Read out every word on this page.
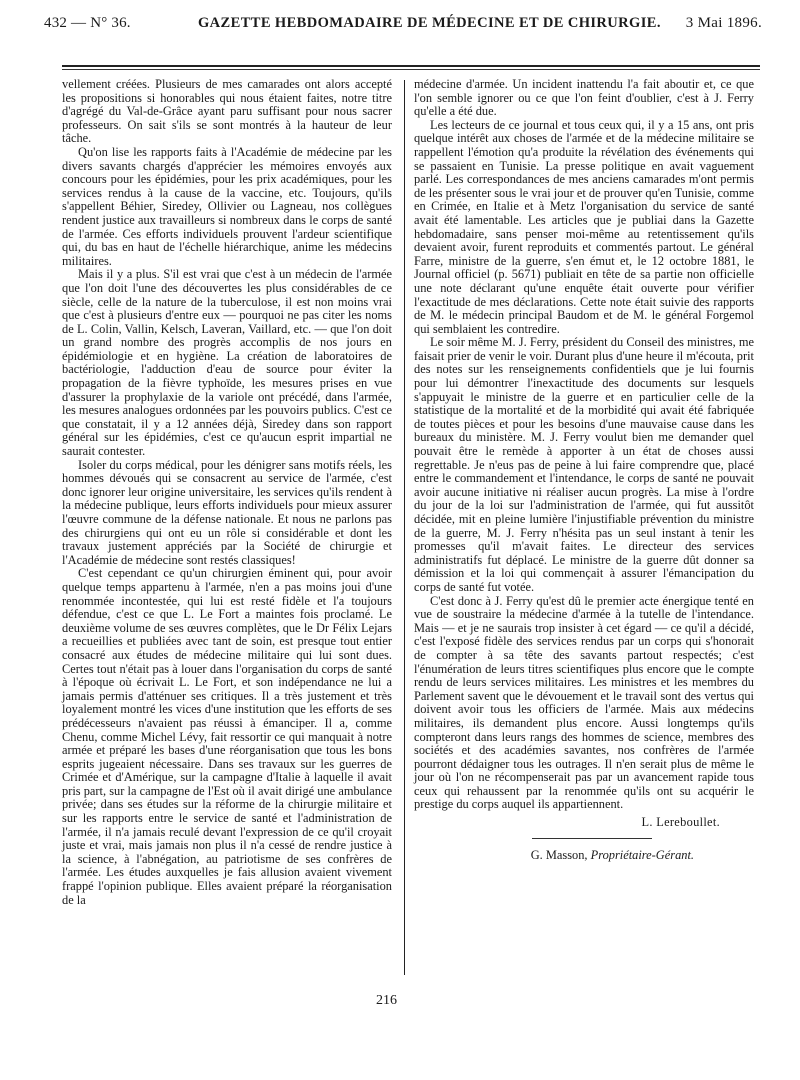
432 — N° 36.	GAZETTE HEBDOMADAIRE DE MÉDECINE ET DE CHIRURGIE. 3 Mai 1896.

vellement créées. Plusieurs de mes camarades ont alors accepté les propositions si honorables qui nous étaient faites, notre titre d'agrégé du Val-de-Grâce ayant paru suffisant pour nous sacrer professeurs. On sait s'ils se sont montrés à la hauteur de leur tâche.

Qu'on lise les rapports faits à l'Académie de médecine par les divers savants chargés d'apprécier les mémoires envoyés aux concours pour les épidémies, pour les prix académiques, pour les services rendus à la cause de la vaccine, etc. Toujours, qu'ils s'appellent Béhier, Siredey, Ollivier ou Lagneau, nos collègues rendent justice aux travailleurs si nombreux dans le corps de santé de l'armée. Ces efforts individuels prouvent l'ardeur scientifique qui, du bas en haut de l'échelle hiérarchique, anime les médecins militaires.

Mais il y a plus. S'il est vrai que c'est à un médecin de l'armée que l'on doit l'une des découvertes les plus considérables de ce siècle, celle de la nature de la tuberculose, il est non moins vrai que c'est à plusieurs d'entre eux — pourquoi ne pas citer les noms de L. Colin, Vallin, Kelsch, Laveran, Vaillard, etc. — que l'on doit un grand nombre des progrès accomplis de nos jours en épidémiologie et en hygiène. La création de laboratoires de bactériologie, l'adduction d'eau de source pour éviter la propagation de la fièvre typhoïde, les mesures prises en vue d'assurer la prophylaxie de la variole ont précédé, dans l'armée, les mesures analogues ordonnées par les pouvoirs publics. C'est ce que constatait, il y a 12 années déjà, Siredey dans son rapport général sur les épidémies, c'est ce qu'aucun esprit impartial ne saurait contester.

Isoler du corps médical, pour les dénigrer sans motifs réels, les hommes dévoués qui se consacrent au service de l'armée, c'est donc ignorer leur origine universitaire, les services qu'ils rendent à la médecine publique, leurs efforts individuels pour mieux assurer l'œuvre commune de la défense nationale. Et nous ne parlons pas des chirurgiens qui ont eu un rôle si considérable et dont les travaux justement appréciés par la Société de chirurgie et l'Académie de médecine sont restés classiques!

C'est cependant ce qu'un chirurgien éminent qui, pour avoir quelque temps appartenu à l'armée, n'en a pas moins joui d'une renommée incontestée, qui lui est resté fidèle et l'a toujours défendue, c'est ce que L. Le Fort a maintes fois proclamé. Le deuxième volume de ses œuvres complètes, que le Dr Félix Lejars a recueillies et publiées avec tant de soin, est presque tout entier consacré aux études de médecine militaire qui lui sont dues. Certes tout n'était pas à louer dans l'organisation du corps de santé à l'époque où écrivait L. Le Fort, et son indépendance ne lui a jamais permis d'atténuer ses critiques. Il a très justement et très loyalement montré les vices d'une institution que les efforts de ses prédécesseurs n'avaient pas réussi à émanciper. Il a, comme Chenu, comme Michel Lévy, fait ressortir ce qui manquait à notre armée et préparé les bases d'une réorganisation que tous les bons esprits jugeaient nécessaire. Dans ses travaux sur les guerres de Crimée et d'Amérique, sur la campagne d'Italie à laquelle il avait pris part, sur la campagne de l'Est où il avait dirigé une ambulance privée; dans ses études sur la réforme de la chirurgie militaire et sur les rapports entre le service de santé et l'administration de l'armée, il n'a jamais reculé devant l'expression de ce qu'il croyait juste et vrai, mais jamais non plus il n'a cessé de rendre justice à la science, à l'abnégation, au patriotisme de ses confrères de l'armée. Les études auxquelles je fais allusion avaient vivement frappé l'opinion publique. Elles avaient préparé la réorganisation de la

médecine d'armée. Un incident inattendu l'a fait aboutir et, ce que l'on semble ignorer ou ce que l'on feint d'oublier, c'est à J. Ferry qu'elle a été due.

Les lecteurs de ce journal et tous ceux qui, il y a 15 ans, ont pris quelque intérêt aux choses de l'armée et de la médecine militaire se rappellent l'émotion qu'a produite la révélation des événements qui se passaient en Tunisie. La presse politique en avait vaguement parlé. Les correspondances de mes anciens camarades m'ont permis de les présenter sous le vrai jour et de prouver qu'en Tunisie, comme en Crimée, en Italie et à Metz l'organisation du service de santé avait été lamentable. Les articles que je publiai dans la Gazette hebdomadaire, sans penser moi-même au retentissement qu'ils devaient avoir, furent reproduits et commentés partout. Le général Farre, ministre de la guerre, s'en émut et, le 12 octobre 1881, le Journal officiel (p. 5671) publiait en tête de sa partie non officielle une note déclarant qu'une enquête était ouverte pour vérifier l'exactitude de mes déclarations. Cette note était suivie des rapports de M. le médecin principal Baudom et de M. le général Forgemol qui semblaient les contredire.

Le soir même M. J. Ferry, président du Conseil des ministres, me faisait prier de venir le voir. Durant plus d'une heure il m'écouta, prit des notes sur les renseignements confidentiels que je lui fournis pour lui démontrer l'inexactitude des documents sur lesquels s'appuyait le ministre de la guerre et en particulier celle de la statistique de la mortalité et de la morbidité qui avait été fabriquée de toutes pièces et pour les besoins d'une mauvaise cause dans les bureaux du ministère. M. J. Ferry voulut bien me demander quel pouvait être le remède à apporter à un état de choses aussi regrettable. Je n'eus pas de peine à lui faire comprendre que, placé entre le commandement et l'intendance, le corps de santé ne pouvait avoir aucune initiative ni réaliser aucun progrès. La mise à l'ordre du jour de la loi sur l'administration de l'armée, qui fut aussitôt décidée, mit en pleine lumière l'injustifiable prévention du ministre de la guerre, M. J. Ferry n'hésita pas un seul instant à tenir les promesses qu'il m'avait faites. Le directeur des services administratifs fut déplacé. Le ministre de la guerre dût donner sa démission et la loi qui commençait à assurer l'émancipation du corps de santé fut votée.

C'est donc à J. Ferry qu'est dû le premier acte énergique tenté en vue de soustraire la médecine d'armée à la tutelle de l'intendance. Mais — et je ne saurais trop insister à cet égard — ce qu'il a décidé, c'est l'exposé fidèle des services rendus par un corps qui s'honorait de compter à sa tête des savants partout respectés; c'est l'énumération de leurs titres scientifiques plus encore que le compte rendu de leurs services militaires. Les ministres et les membres du Parlement savent que le dévouement et le travail sont des vertus qui doivent avoir tous les officiers de l'armée. Mais aux médecins militaires, ils demandent plus encore. Aussi longtemps qu'ils compteront dans leurs rangs des hommes de science, membres des sociétés et des académies savantes, nos confrères de l'armée pourront dédaigner tous les outrages. Il n'en serait plus de même le jour où l'on ne récompenserait pas par un avancement rapide tous ceux qui rehaussent par la renommée qu'ils ont su acquérir le prestige du corps auquel ils appartiennent.

L. Lereboullet.
G. Masson, Propriétaire-Gérant.
216
